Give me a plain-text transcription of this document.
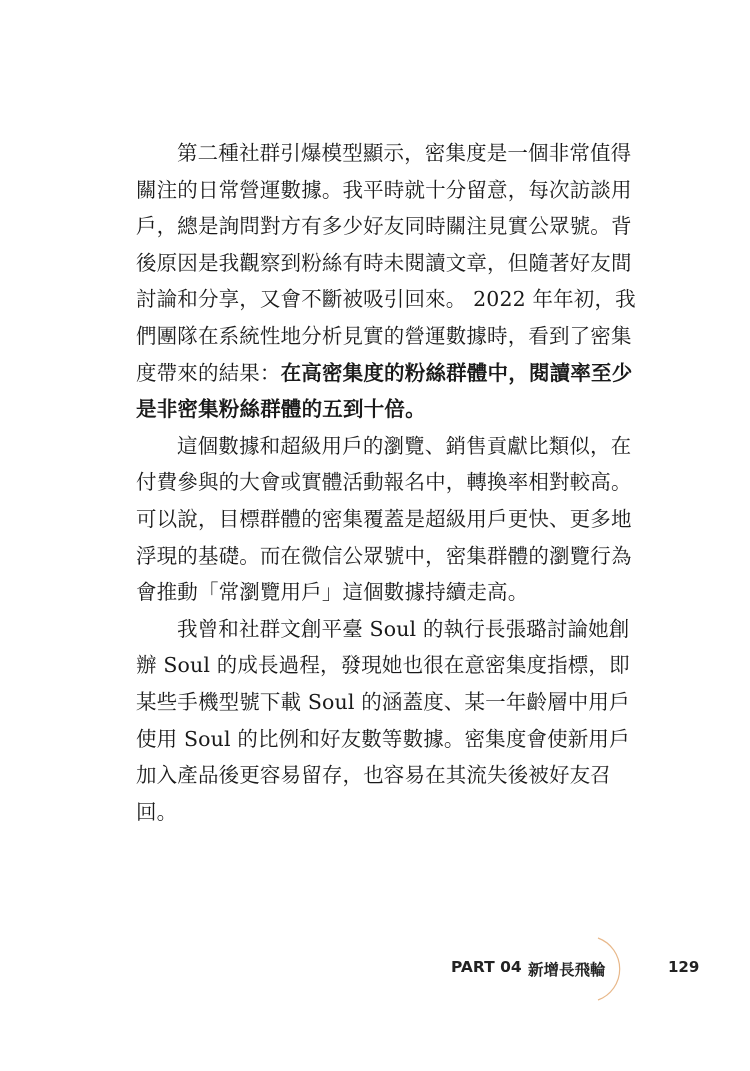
第二種社群引爆模型顯示，密集度是一個非常值得
關注的日常營運數據。我平時就十分留意，每次訪談用
戶，總是詢問對方有多少好友同時關注見實公眾號。背
後原因是我觀察到粉絲有時未閱讀文章，但隨著好友間
討論和分享，又會不斷被吸引回來。 2022 年年初，我
們團隊在系統性地分析見實的營運數據時，看到了密集
度帶來的結果：在高密集度的粉絲群體中，閱讀率至少
是非密集粉絲群體的五到十倍。
這個數據和超級用戶的瀏覽、銷售貢獻比類似，在
付費參與的大會或實體活動報名中，轉換率相對較高。
可以說，目標群體的密集覆蓋是超級用戶更快、更多地
浮現的基礎。而在微信公眾號中，密集群體的瀏覽行為
會推動「常瀏覽用戶」這個數據持續走高。
我曾和社群文創平臺 Soul 的執行長張璐討論她創
辦 Soul 的成長過程，發現她也很在意密集度指標，即
某些手機型號下載 Soul 的涵蓋度、某一年齡層中用戶
使用 Soul 的比例和好友數等數據。密集度會使新用戶
加入產品後更容易留存，也容易在其流失後被好友召
回。
PART 04 新增長飛輪	129
